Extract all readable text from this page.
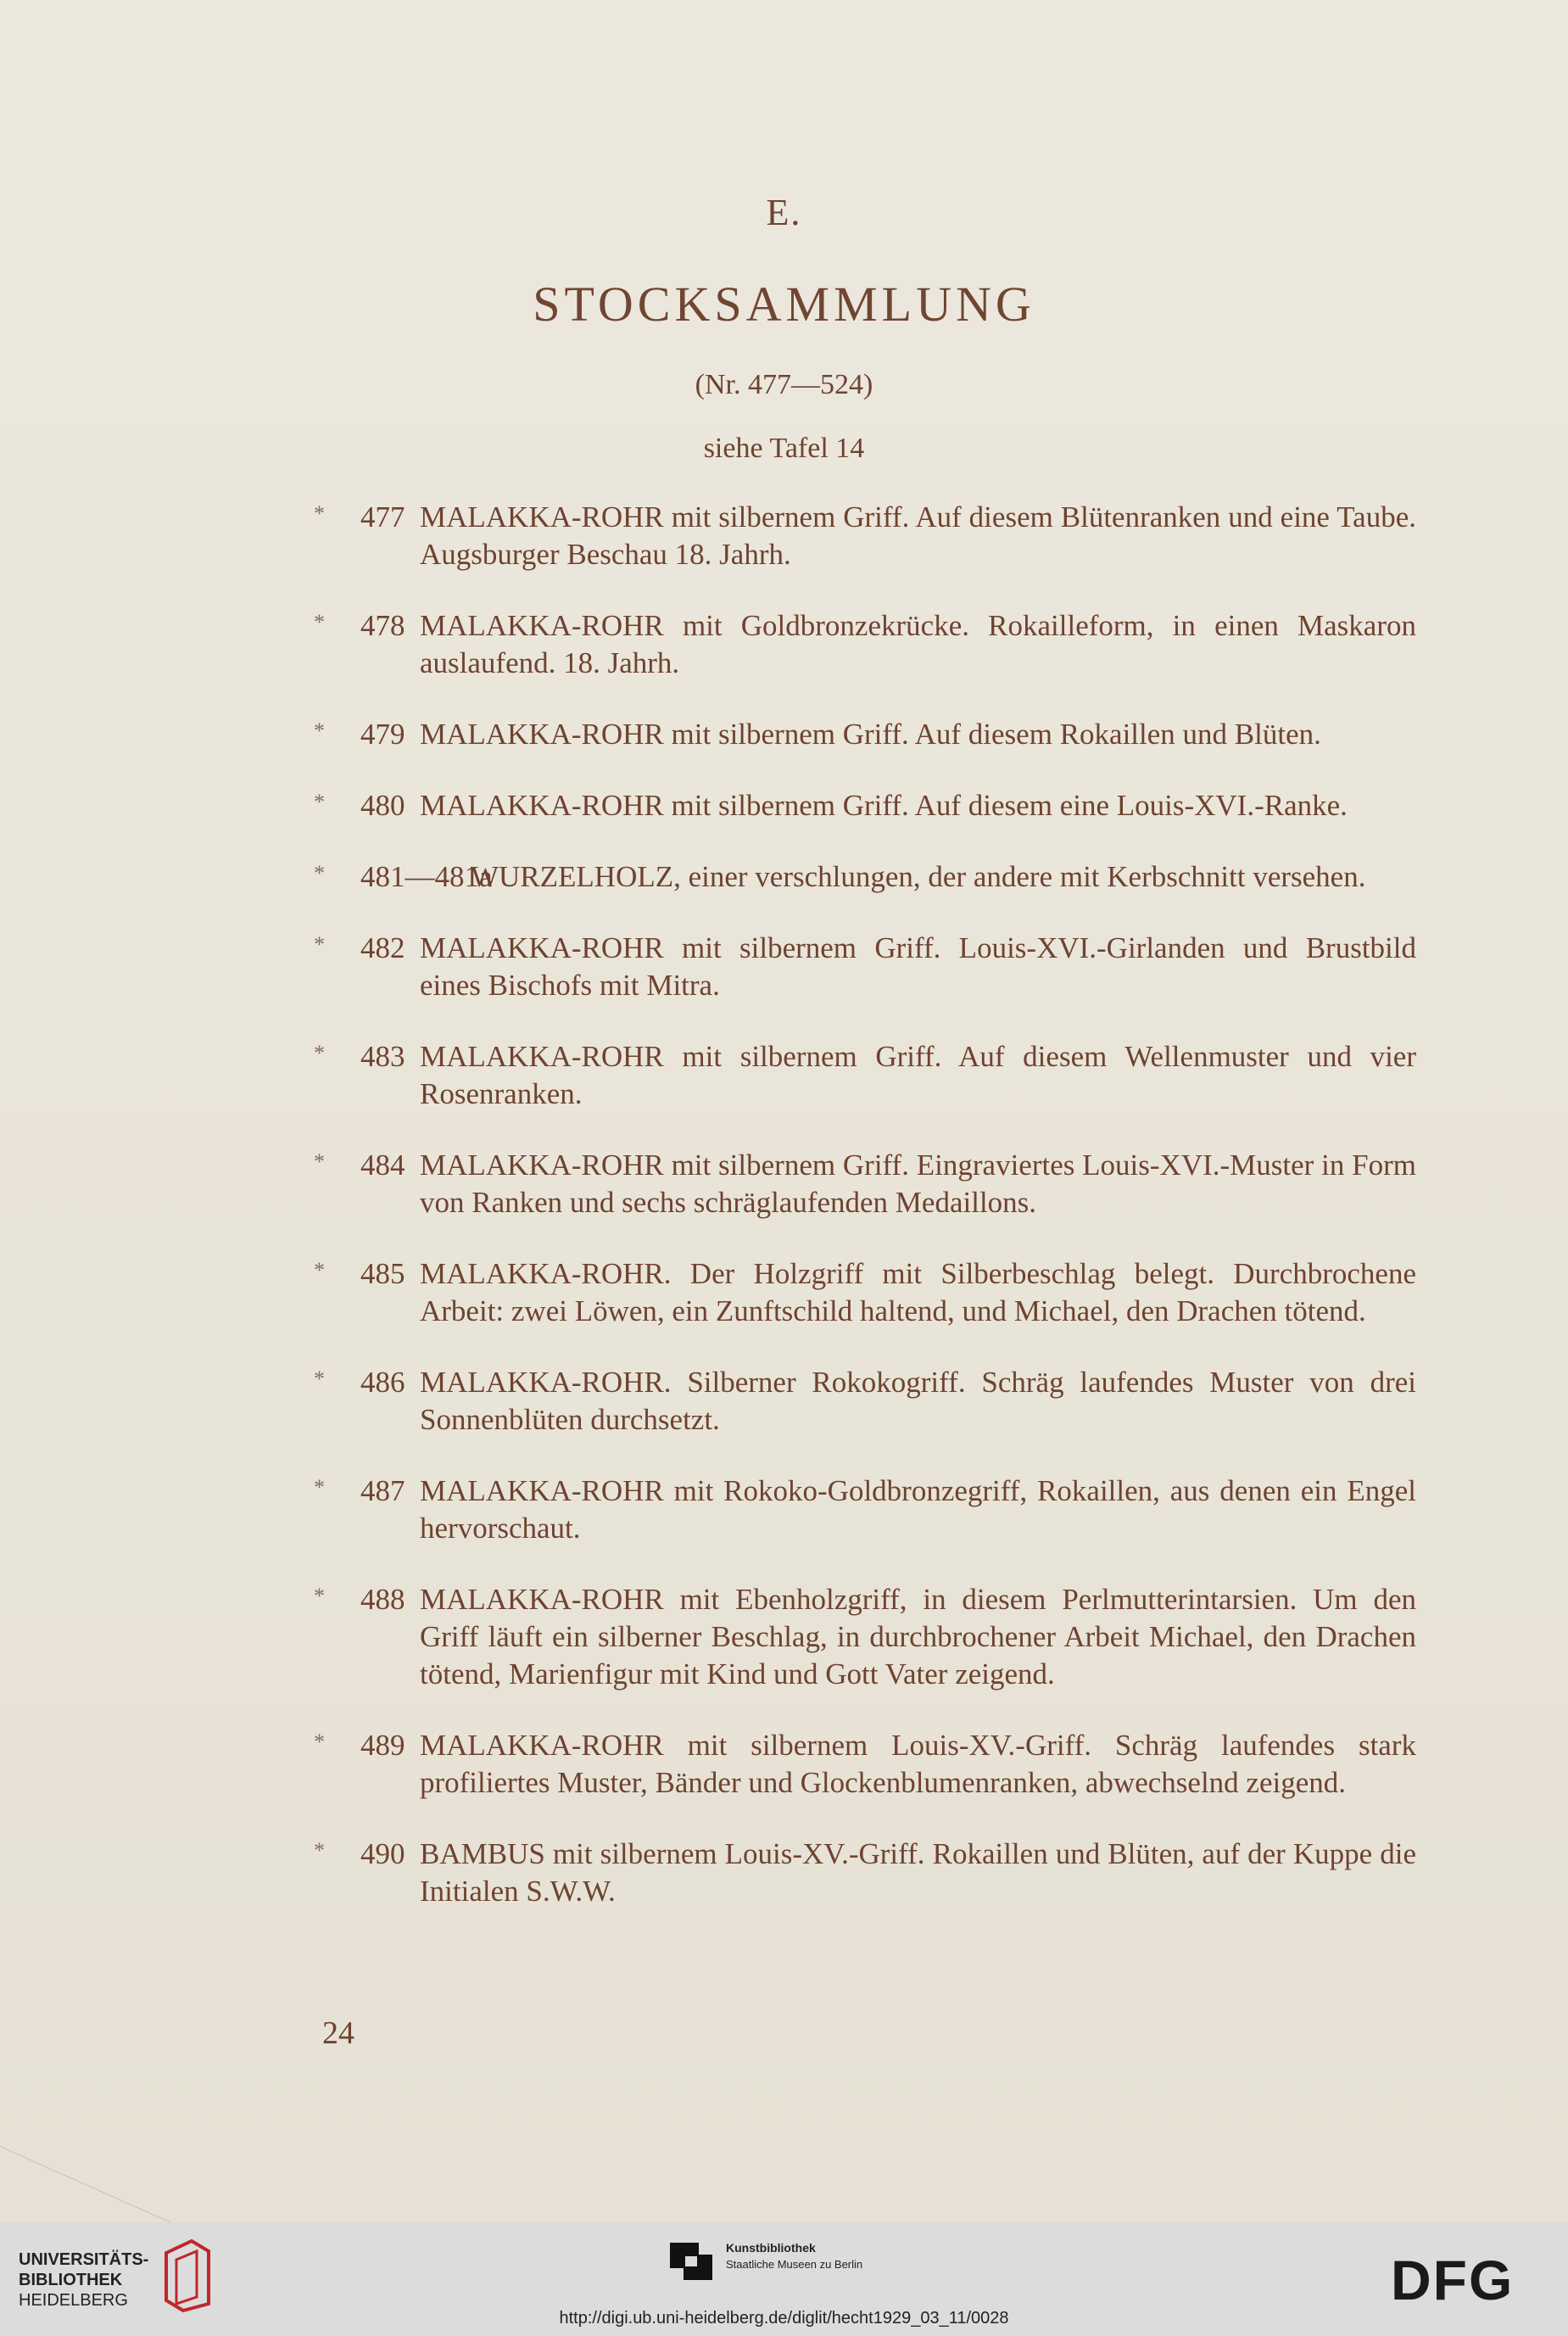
E.
STOCKSAMMLUNG
(Nr. 477—524)
siehe Tafel 14
* 477 MALAKKA-ROHR mit silbernem Griff. Auf diesem Blütenranken und eine Taube. Augsburger Beschau 18. Jahrh.
* 478 MALAKKA-ROHR mit Goldbronzekrücke. Rokailleform, in einen Maskaron auslaufend. 18. Jahrh.
* 479 MALAKKA-ROHR mit silbernem Griff. Auf diesem Rokaillen und Blüten.
* 480 MALAKKA-ROHR mit silbernem Griff. Auf diesem eine Louis-XVI.-Ranke.
* 481—481a
WURZELHOLZ, einer verschlungen, der andere mit Kerbschnitt versehen.
* 482 MALAKKA-ROHR mit silbernem Griff. Louis-XVI.-Girlanden und Brustbild eines Bischofs mit Mitra.
* 483 MALAKKA-ROHR mit silbernem Griff. Auf diesem Wellenmuster und vier Rosenranken.
* 484 MALAKKA-ROHR mit silbernem Griff. Eingraviertes Louis-XVI.-Muster in Form von Ranken und sechs schräglaufenden Medaillons.
* 485 MALAKKA-ROHR. Der Holzgriff mit Silberbeschlag belegt. Durchbrochene Arbeit: zwei Löwen, ein Zunftschild haltend, und Michael, den Drachen tötend.
* 486 MALAKKA-ROHR. Silberner Rokokogriff. Schräg laufendes Muster von drei Sonnenblüten durchsetzt.
* 487 MALAKKA-ROHR mit Rokoko-Goldbronzegriff, Rokaillen, aus denen ein Engel hervorschaut.
* 488 MALAKKA-ROHR mit Ebenholzgriff, in diesem Perlmutterintarsien. Um den Griff läuft ein silberner Beschlag, in durchbrochener Arbeit Michael, den Drachen tötend, Marienfigur mit Kind und Gott Vater zeigend.
* 489 MALAKKA-ROHR mit silbernem Louis-XV.-Griff. Schräg laufendes stark profiliertes Muster, Bänder und Glockenblumenranken, abwechselnd zeigend.
* 490 BAMBUS mit silbernem Louis-XV.-Griff. Rokaillen und Blüten, auf der Kuppe die Initialen S.W.W.
24
UNIVERSITÄTS-
BIBLIOTHEK
HEIDELBERG
Kunstbibliothek
Staatliche Museen zu Berlin	DFG
http://digi.ub.uni-heidelberg.de/diglit/hecht1929_03_11/0028
